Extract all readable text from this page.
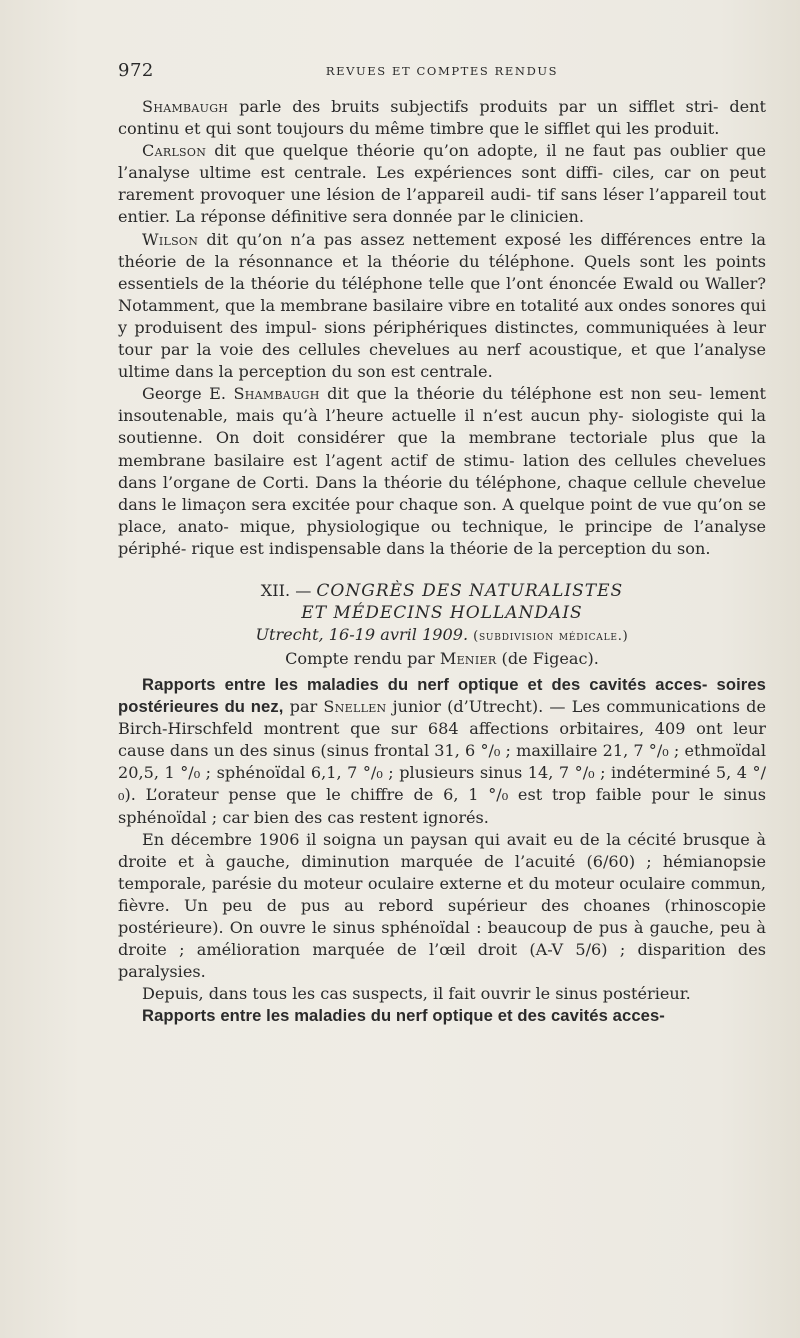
972	REVUES ET COMPTES RENDUS

Shambaugh parle des bruits subjectifs produits par un sifflet stri- dent continu et qui sont toujours du même timbre que le sifflet qui les produit.

Carlson dit que quelque théorie qu’on adopte, il ne faut pas oublier que l’analyse ultime est centrale. Les expériences sont diffi- ciles, car on peut rarement provoquer une lésion de l’appareil audi- tif sans léser l’appareil tout entier. La réponse définitive sera donnée par le clinicien.

Wilson dit qu’on n’a pas assez nettement exposé les différences entre la théorie de la résonnance et la théorie du téléphone. Quels sont les points essentiels de la théorie du téléphone telle que l’ont énoncée Ewald ou Waller? Notamment, que la membrane basilaire vibre en totalité aux ondes sonores qui y produisent des impul- sions périphériques distinctes, communiquées à leur tour par la voie des cellules chevelues au nerf acoustique, et que l’analyse ultime dans la perception du son est centrale.

George E. Shambaugh dit que la théorie du téléphone est non seu- lement insoutenable, mais qu’à l’heure actuelle il n’est aucun phy- siologiste qui la soutienne. On doit considérer que la membrane tectoriale plus que la membrane basilaire est l’agent actif de stimu- lation des cellules chevelues dans l’organe de Corti. Dans la théorie du téléphone, chaque cellule chevelue dans le limaçon sera excitée pour chaque son. A quelque point de vue qu’on se place, anato- mique, physiologique ou technique, le principe de l’analyse périphé- rique est indispensable dans la théorie de la perception du son.

XII. — CONGRÈS DES NATURALISTES
ET MÉDECINS HOLLANDAIS
Utrecht, 16-19 avril 1909. (subdivision médicale.)
Compte rendu par Menier (de Figeac).

Rapports entre les maladies du nerf optique et des cavités acces- soires postérieures du nez, par Snellen junior (d’Utrecht). — Les communications de Birch-Hirschfeld montrent que sur 684 affections orbitaires, 409 ont leur cause dans un des sinus (sinus frontal 31, 6 °/₀ ; maxillaire 21, 7 °/₀ ; ethmoïdal 20,5, 1 °/₀ ; sphénoïdal 6,1, 7 °/₀ ; plusieurs sinus 14, 7 °/₀ ; indéterminé 5, 4 °/₀). L’orateur pense que le chiffre de 6, 1 °/₀ est trop faible pour le sinus sphénoïdal ; car bien des cas restent ignorés.

En décembre 1906 il soigna un paysan qui avait eu de la cécité brusque à droite et à gauche, diminution marquée de l’acuité (6/60) ; hémianopsie temporale, parésie du moteur oculaire externe et du moteur oculaire commun, fièvre. Un peu de pus au rebord supérieur des choanes (rhinoscopie postérieure). On ouvre le sinus sphénoïdal : beaucoup de pus à gauche, peu à droite ; amélioration marquée de l’œil droit (A-V 5/6) ; disparition des paralysies.

Depuis, dans tous les cas suspects, il fait ouvrir le sinus postérieur.

Rapports entre les maladies du nerf optique et des cavités acces-
